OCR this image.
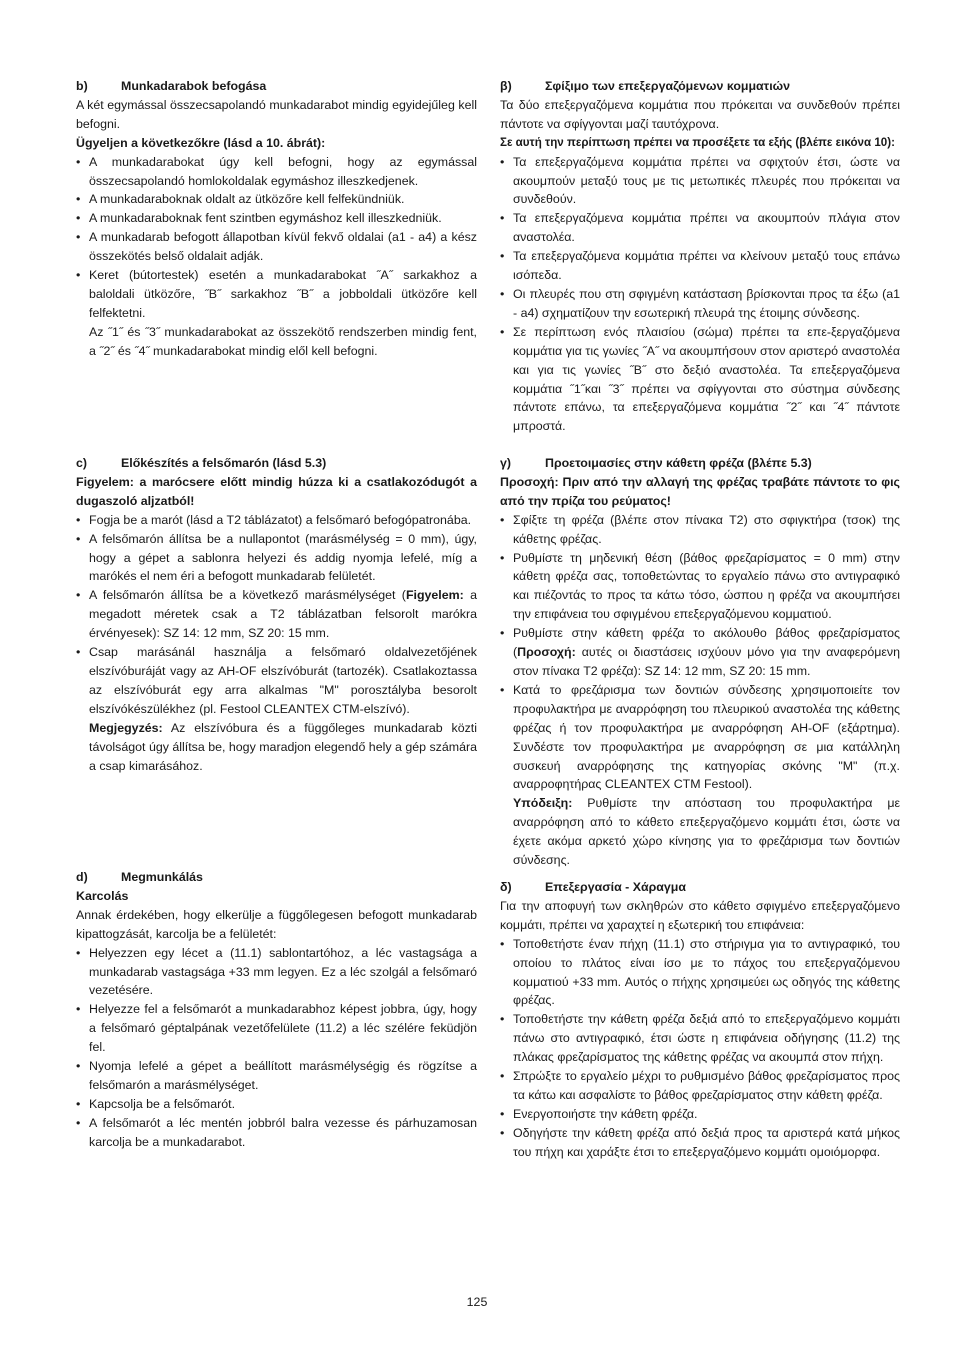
b)	Munkadarabok befogása

A két egymással összecsapolandó munkadarabot mindig egyidejűleg kell befogni.

Ügyeljen a következőkre (lásd a 10. ábrát):

• A munkadarabokat úgy kell befogni, hogy az egymással összecsapolandó homlokoldalak egymáshoz illeszkedjenek.
• A munkadaraboknak oldalt az ütközőre kell felfekündniük.
• A munkadaraboknak fent szintben egymáshoz kell illeszkedniük.
• A munkadarab befogott állapotban kívül fekvő oldalai (a1 - a4) a kész összekötés belső oldalait adják.
• Keret (bútortestek) esetén a munkadarabokat ˝A˝ sarkakhoz a baloldali ütközőre, ˝B˝ sarkakhoz ˝B˝ a jobboldali ütközőre kell felfektetni.

Az ˝1˝ és ˝3˝ munkadarabokat az összekötő rendszerben mindig fent, a ˝2˝ és ˝4˝ munkadarabokat mindig elől kell befogni.

c)	Előkészítés a felsőmarón (lásd 5.3)

Figyelem: a marócsere előtt mindig húzza ki a csatlakozódugót a dugaszoló aljzatból!

• Fogja be a marót (lásd a T2 táblázatot) a felsőmaró befogópatronába.
• A felsőmarón állítsa be a nullapontot (marásmélység = 0 mm), úgy, hogy a gépet a sablonra helyezi és addig nyomja lefelé, míg a marókés el nem éri a befogott munkadarab felületét.
• A felsőmarón állítsa be a következő marásmélységet (Figyelem: a megadott méretek csak a T2 táblázatban felsorolt marókra érvényesek): SZ 14: 12 mm, SZ 20: 15 mm.
• Csap marásánál használja a felsőmaró oldalvezetőjének elszívóburáját vagy az AH-OF elszívóburát (tartozék). Csatlakoztassa az elszívóburát egy arra alkalmas "M" porosztályba besorolt elszívókészülékhez (pl. Festool CLEANTEX CTM-elszívó).

Megjegyzés: Az elszívóbura és a függőleges munkadarab közti távolságot úgy állítsa be, hogy maradjon elegendő hely a gép számára a csap kimarásához.

d)	Megmunkálás

Karcolás

Annak érdekében, hogy elkerülje a függőlegesen befogott munkadarab kipattogzását, karcolja be a felületét:

• Helyezzen egy lécet a (11.1) sablontartóhoz, a léc vastagsága a munkadarab vastagsága +33 mm legyen. Ez a léc szolgál a felsőmaró vezetésére.
• Helyezze fel a felsőmarót a munkadarabhoz képest jobbra, úgy, hogy a felsőmaró géptalpának vezetőfelülete (11.2) a léc szélére feküdjön fel.
• Nyomja lefelé a gépet a beállított marásmélységig és rögzítse a felsőmarón a marásmélységet.
• Kapcsolja be a felsőmarót.
• A felsőmarót a léc mentén jobbról balra vezesse és párhuzamosan karcolja be a munkadarabot.
β)	Σφίξιμο των επεξεργαζόμενων κομματιών

Τα δύο επεξεργαζόμενα κομμάτια που πρόκειται να συνδεθούν πρέπει πάντοτε να σφίγγονται μαζί ταυτόχρονα.

Σε αυτή την περίπτωση πρέπει να προσέξετε τα εξής (βλέπε εικόνα 10):

• Τα επεξεργαζόμενα κομμάτια πρέπει να σφιχτούν έτσι, ώστε να ακουμπούν μεταξύ τους με τις μετωπικές πλευρές που πρόκειται να συνδεθούν.
• Τα επεξεργαζόμενα κομμάτια πρέπει να ακουμπούν πλάγια στον αναστολέα.
• Τα επεξεργαζόμενα κομμάτια πρέπει να κλείνουν μεταξύ τους επάνω ισόπεδα.
• Οι πλευρές που στη σφιγμένη κατάσταση βρίσκονται προς τα έξω (a1 - a4) σχηματίζουν την εσωτερική πλευρά της έτοιμης σύνδεσης.
• Σε περίπτωση ενός πλαισίου (σώμα) πρέπει τα επε-ξεργαζόμενα κομμάτια για τις γωνίες ˝A˝ να ακουμπήσουν στον αριστερό αναστολέα και για τις γωνίες ˝B˝ στο δεξιό αναστολέα. Τα επεξεργαζόμενα κομμάτια ˝1˝και ˝3˝ πρέπει να σφίγγονται στο σύστημα σύνδεσης πάντοτε επάνω, τα επεξεργαζόμενα κομμάτια ˝2˝ και ˝4˝ πάντοτε μπροστά.
γ)	Προετοιμασίες στην κάθετη φρέζα (βλέπε 5.3)

Προσοχή: Πριν από την αλλαγή της φρέζας τραβάτε πάντοτε το φις από την πρίζα του ρεύματος!

• Σφίξτε τη φρέζα (βλέπε στον πίνακα T2) στο σφιγκτήρα (τσοκ) της κάθετης φρέζας.
• Ρυθμίστε τη μηδενική θέση (βάθος φρεζαρίσματος = 0 mm) στην κάθετη φρέζα σας, τοποθετώντας το εργαλείο πάνω στο αντιγραφικό και πιέζοντάς το προς τα κάτω τόσο, ώσπου η φρέζα να ακουμπήσει την επιφάνεια του σφιγμένου επεξεργαζόμενου κομματιού.
• Ρυθμίστε στην κάθετη φρέζα το ακόλουθο βάθος φρεζαρίσματος (Προσοχή: αυτές οι διαστάσεις ισχύουν μόνο για την αναφερόμενη στον πίνακα T2 φρέζα): SZ 14: 12 mm, SZ 20: 15 mm.
• Κατά το φρεζάρισμα των δοντιών σύνδεσης χρησιμοποιείτε τον προφυλακτήρα με αναρρόφηση του πλευρικού αναστολέα της κάθετης φρέζας ή τον προφυλακτήρα με αναρρόφηση AH-OF (εξάρτημα). Συνδέστε τον προφυλακτήρα με αναρρόφηση σε μια κατάλληλη συσκευή αναρρόφησης της κατηγορίας σκόνης "M" (π.χ. αναρροφητήρας CLEANTEX CTM Festool).

Υπόδειξη: Ρυθμίστε την απόσταση του προφυλακτήρα με αναρρόφηση από το κάθετο επεξεργαζόμενο κομμάτι έτσι, ώστε να έχετε ακόμα αρκετό χώρο κίνησης για το φρεζάρισμα των δοντιών σύνδεσης.

δ)	Επεξεργασία - Χάραγμα

Για την αποφυγή των σκληθρών στο κάθετο σφιγμένο επεξεργαζόμενο κομμάτι, πρέπει να χαραχτεί η εξωτερική του επιφάνεια:

• Τοποθετήστε έναν πήχη (11.1) στο στήριγμα για το αντιγραφικό, του οποίου το πλάτος είναι ίσο με το πάχος του επεξεργαζόμενου κομματιού +33 mm. Αυτός ο πήχης χρησιμεύει ως οδηγός της κάθετης φρέζας.
• Τοποθετήστε την κάθετη φρέζα δεξιά από το επεξεργαζόμενο κομμάτι πάνω στο αντιγραφικό, έτσι ώστε η επιφάνεια οδήγησης (11.2) της πλάκας φρεζαρίσματος της κάθετης φρέζας να ακουμπά στον πήχη.
• Σπρώξτε το εργαλείο μέχρι το ρυθμισμένο βάθος φρεζαρίσματος προς τα κάτω και ασφαλίστε το βάθος φρεζαρίσματος στην κάθετη φρέζα.
• Ενεργοποιήστε την κάθετη φρέζα.
• Οδηγήστε την κάθετη φρέζα από δεξιά προς τα αριστερά κατά μήκος του πήχη και χαράξτε έτσι το επεξεργαζόμενο κομμάτι ομοιόμορφα.
125
